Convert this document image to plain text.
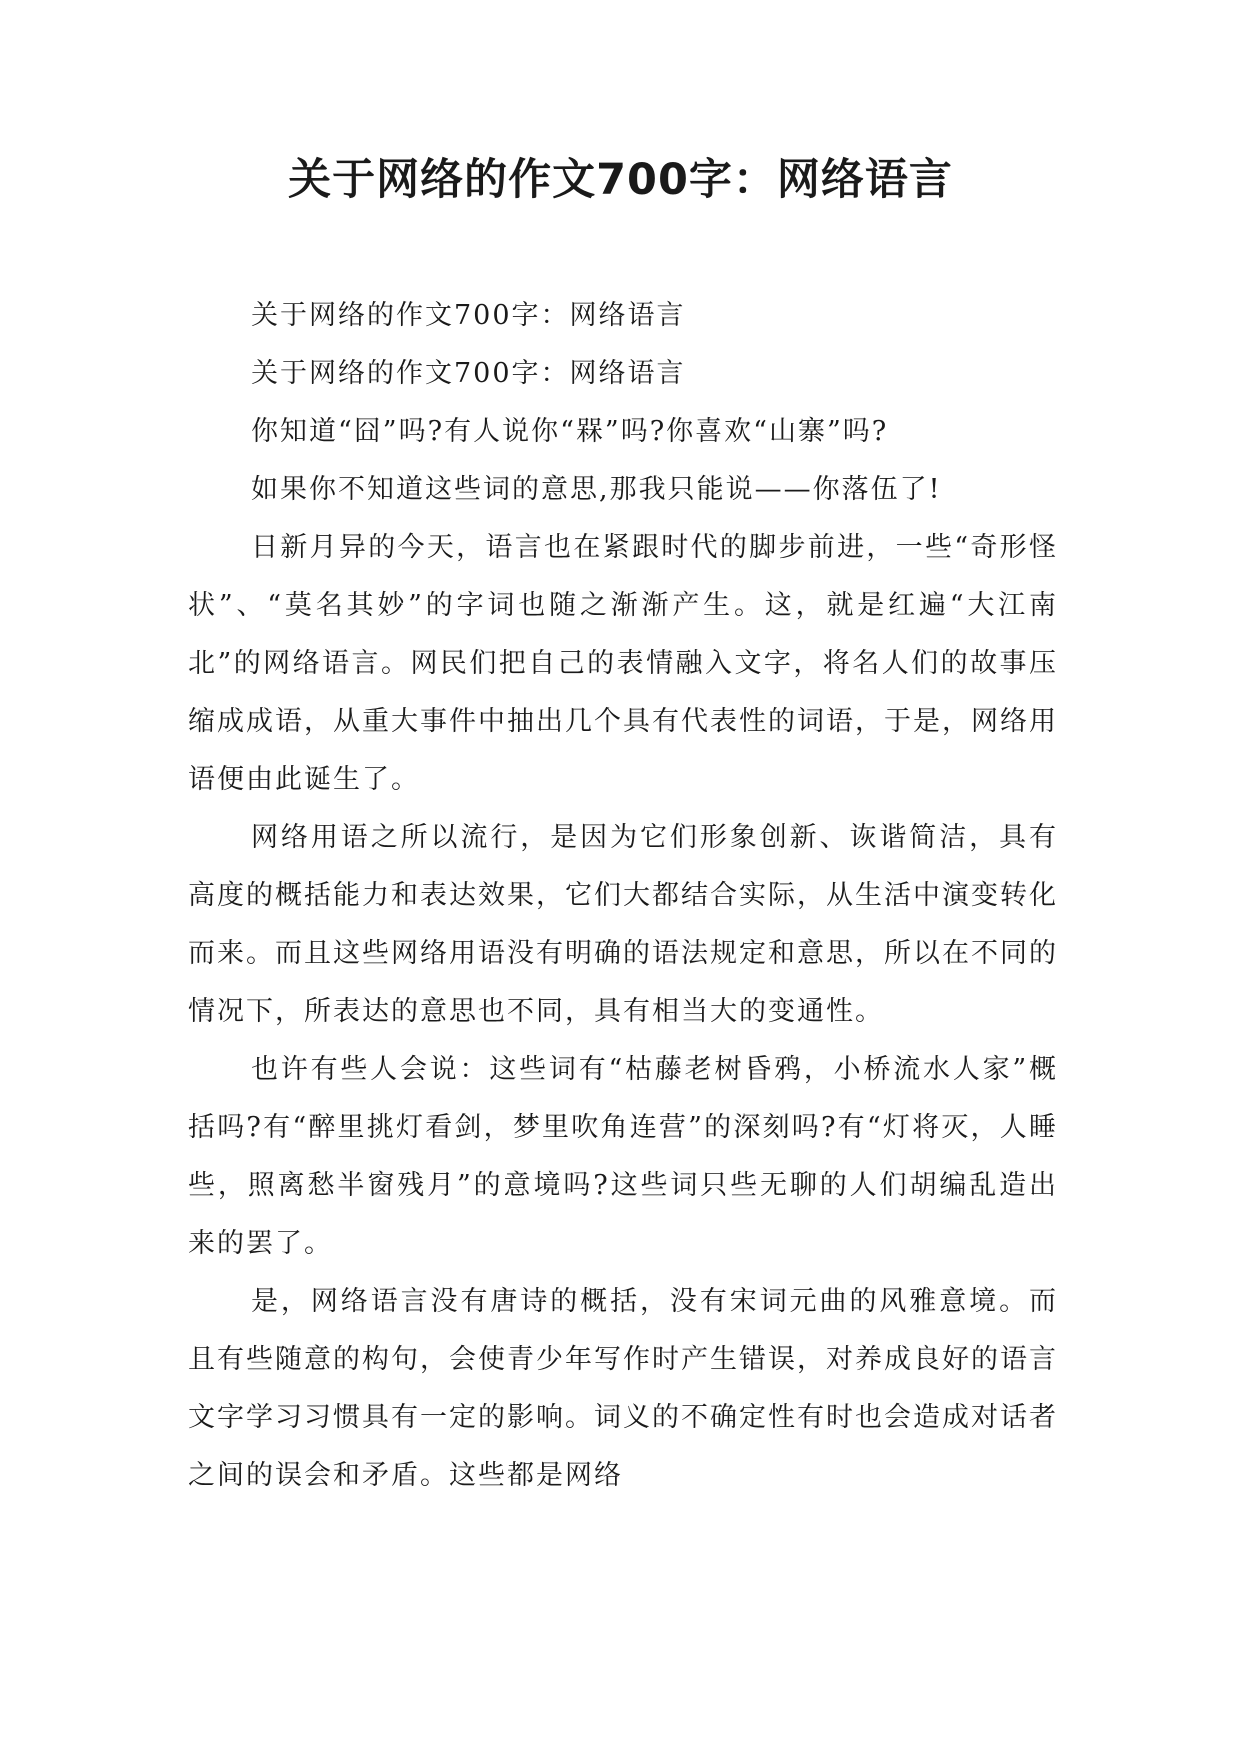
关于网络的作文700字：网络语言

关于网络的作文700字：网络语言

关于网络的作文700字：网络语言

你知道“囧”吗?有人说你“槑”吗?你喜欢“山寨”吗?

如果你不知道这些词的意思,那我只能说——你落伍了!

日新月异的今天，语言也在紧跟时代的脚步前进，一些“奇形怪状”、“莫名其妙”的字词也随之渐渐产生。这，就是红遍“大江南北”的网络语言。网民们把自己的表情融入文字，将名人们的故事压缩成成语，从重大事件中抽出几个具有代表性的词语，于是，网络用语便由此诞生了。

网络用语之所以流行，是因为它们形象创新、诙谐简洁，具有高度的概括能力和表达效果，它们大都结合实际，从生活中演变转化而来。而且这些网络用语没有明确的语法规定和意思，所以在不同的情况下，所表达的意思也不同，具有相当大的变通性。

也许有些人会说：这些词有“枯藤老树昏鸦，小桥流水人家”概括吗?有“醉里挑灯看剑，梦里吹角连营”的深刻吗?有“灯将灭，人睡些，照离愁半窗残月”的意境吗?这些词只些无聊的人们胡编乱造出来的罢了。

是，网络语言没有唐诗的概括，没有宋词元曲的风雅意境。而且有些随意的构句，会使青少年写作时产生错误，对养成良好的语言文字学习习惯具有一定的影响。词义的不确定性有时也会造成对话者之间的误会和矛盾。这些都是网络
